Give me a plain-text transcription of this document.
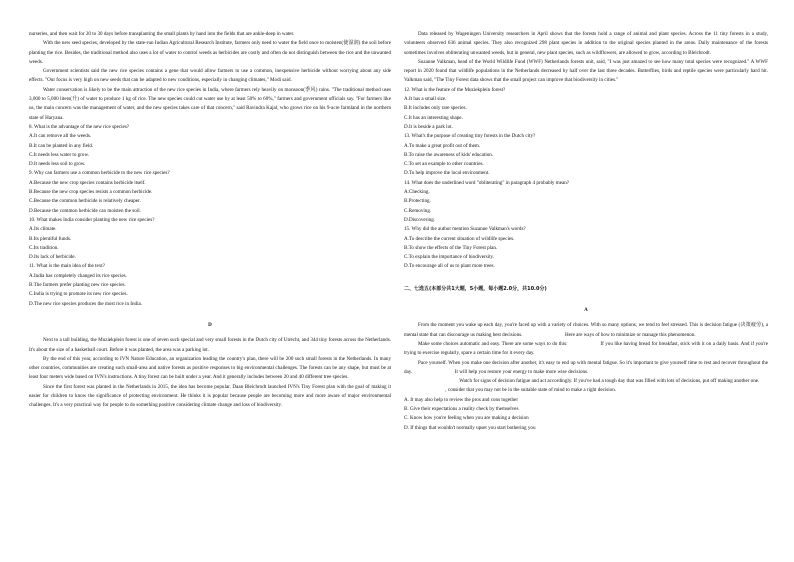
nurseries, and then wait for 20 to 30 days before transplanting the small plants by hand into the fields that are ankle-deep in water.

With the new seed species, developed by the state-run Indian Agricultural Research Institute, farmers only need to water the field once to moisten(使湿润) the soil before planting the rice. Besides, the traditional method also uses a lot of water to control weeds as herbicides are costly and often do not distinguish between the rice and the unwanted weeds.

Government scientists said the new rice species contains a gene that would allow farmers to use a common, inexpensive herbicide without worrying about any side effects. "Our focus is very high on new seeds that can be adapted to new conditions, especially in changing climates," Modi said.

Water conservation is likely to be the main attraction of the new rice species in India, where farmers rely heavily on monsoon(季风) rains. "The traditional method uses 3,000 to 5,000 liters(升) of water to produce 1 kg of rice. The new species could cut water use by at least 50% to 60%," farmers and government officials say. "For farmers like us, the main concern was the management of water, and the new species takes care of that concern," said Ravindra Kajal, who grows rice on his 9-acre farmland in the northern state of Haryana.

8. What is the advantage of the new rice species?

A.It can remove all the weeds.

B.It can be planted in any field.

C.It needs less water to grow.

D.It needs less soil to grow.

9. Why can farmers use a common herbicide to the new rice species?

A.Because the new crop species contains herbicide itself.

B.Because the new crop species resists a common herbicide.

C.Because the common herbicide is relatively cheaper.

D.Because the common herbicide can moisten the soil.

10. What makes India consider planting the new rice species?

A.Its climate.

B.Its plentiful funds.

C.Its tradition.

D.Its lack of herbicide.

11. What is the main idea of the text?

A.India has completely changed its rice species.

B.The farmers prefer planting new rice species.

C.India is trying to promote its new rice species.

D.The new rice species produces the most rice in India.

D

Next to a tall building, the Muziekplein forest is one of seven such special and very small forests in the Dutch city of Utrecht, and 344 tiny forests across the Netherlands. It's about the size of a basketball court. Before it was planted, the area was a parking lot.

By the end of this year, according to IVN Nature Education, an organization leading the country's plan, there will be 200 such small forests in the Netherlands. In many other countries, communities are creating such small-area and native forests as positive responses to big environmental challenges. The forests can be any shape, but must be at least four meters wide based on IVN's instructions. A tiny forest can be built under a year. And it generally includes between 20 and 40 different tree species.

Since the first forest was planted in the Netherlands in 2015, the idea has become popular. Daan Bleichrodt launched IVN's Tiny Forest plan with the goal of making it easier for children to know the significance of protecting environment. He thinks it is popular because people are becoming more and more aware of major environmental challenges. It's a very practical way for people to do something positive considering climate change and loss of biodiversity.

Data released by Wageningen University researchers in April shows that the forests hold a range of animal and plant species. Across the 11 tiny forests in a study, volunteers observed 636 animal species. They also recognized 298 plant species in addition to the original species planted in the areas. Daily maintenance of the forests sometimes involves obliterating unwanted weeds, but in general, new plant species, such as wildflowers, are allowed to grow, according to Bleichrodt.

Suzanne Valkman, head of the World Wildlife Fund (WWF) Netherlands forests unit, said, "I was just amazed to see how many total species were recognized." A WWF report in 2020 found that wildlife populations in the Netherlands decreased by half over the last three decades. Butterflies, birds and reptile species were particularly hard hit. Valkman said, "The Tiny Forest data shows that the small project can improve that biodiversity in cities."

12. What is the feature of the Muziekplein forest?

A.It has a small size.

B.It includes only rare species.

C.It has an interesting shape.

D.It is beside a park lot.

13. What's the purpose of creating tiny forests in the Dutch city?

A.To make a great profit out of them.

B.To raise the awareness of kids' education.

C.To set an example to other countries.

D.To help improve the local environment.

14. What does the underlined word "obliterating" in paragraph 4 probably mean?

A.Checking.

B.Protecting.

C.Removing.

D.Discovering.

15. Why did the author mention Suzanne Valkman's words?

A.To describe the current situation of wildlife species.

B.To show the effects of the Tiny Forest plan.

C.To explain the importance of biodiversity.

D.To encourage all of us to plant more trees.

二、七选五(本部分共1大题，5小题，每小题2.0分，共10.0分)

A

From the moment you wake up each day, you're faced up with a variety of choices. With so many options, we tend to feel stressed. This is decision fatigue (决策疲劳), a mental state that can discourage us making best decisions.	Here are ways of how to minimize or manage this phenomenon.

Make some choices automatic and easy. There are some ways to do this:	If you like having bread for breakfast, stick with it on a daily basis. And if you're trying to exercise regularly, spare a certain time for it every day.

Pace yourself. When you make one decision after another, it's easy to end up with mental fatigue. So it's important to give yourself time to rest and recover throughout the day.	It will help you restore your energy to make more wise decisions.

Watch for signs of decision fatigue and act accordingly. If you've had a tough day that was filled with lots of decisions, put off making another one.

, consider that you may not be in the suitable state of mind to make a right decision.

A. It may also help to review the pros and cons together

B. Give their expectations a reality check by themselves

C. Know how you're feeling when you are making a decision

D. If things that wouldn't normally upset you start bothering you
